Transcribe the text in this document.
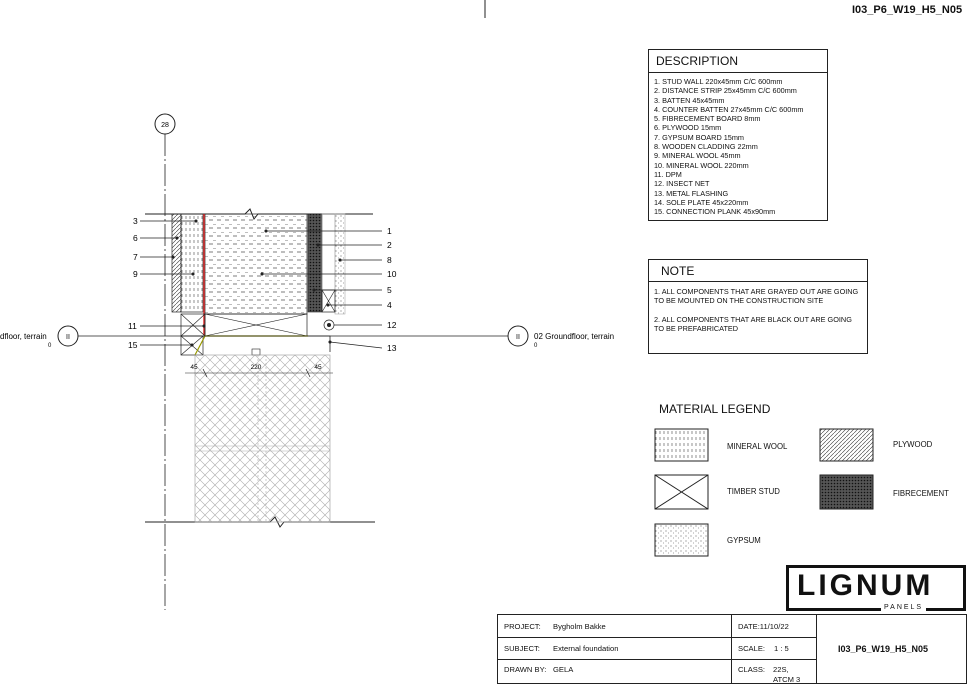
I03_P6_W19_H5_N05
28
45	220	45
II
dfloor, terrain
0
II 02 Groundfloor, terrain
0
3
6
7
9
11
15
1
2
8
10
5
4
12
13
DESCRIPTION
1. STUD WALL 220x45mm C/C 600mm
2. DISTANCE STRIP 25x45mm C/C 600mm
3. BATTEN 45x45mm
4. COUNTER BATTEN 27x45mm C/C 600mm
5. FIBRECEMENT BOARD 8mm
6. PLYWOOD 15mm
7. GYPSUM BOARD 15mm
8. WOODEN CLADDING 22mm
9. MINERAL WOOL 45mm
10. MINERAL WOOL 220mm
11. DPM
12. INSECT NET
13. METAL FLASHING
14. SOLE PLATE 45x220mm
15. CONNECTION PLANK 45x90mm
NOTE

1. ALL COMPONENTS THAT ARE GRAYED OUT ARE GOING TO BE MOUNTED ON THE CONSTRUCTION SITE

2. ALL COMPONENTS THAT ARE BLACK OUT ARE GOING TO BE PREFABRICATED

MATERIAL LEGEND
MINERAL WOOL	PLYWOOD
TIMBER STUD	FIBRECEMENT
GYPSUM
LIGNUM
PANELS
PROJECT: Bygholm Bakke
SUBJECT: External foundation
DRAWN BY: GELA
DATE:11/10/22
SCALE: 1 : 5
CLASS: 22S,
ATCM 3
I03_P6_W19_H5_N05
